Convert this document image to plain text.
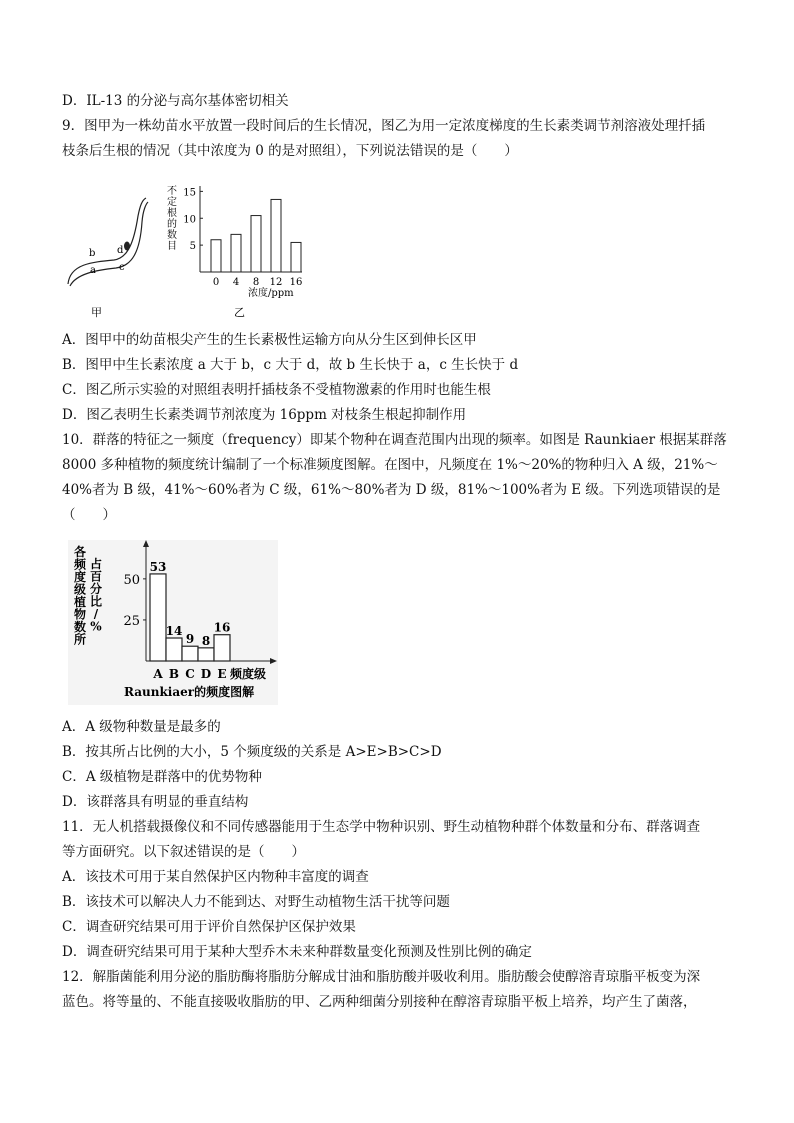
D．IL-13 的分泌与高尔基体密切相关
9．图甲为一株幼苗水平放置一段时间后的生长情况，图乙为用一定浓度梯度的生长素类调节剂溶液处理扦插
枝条后生根的情况（其中浓度为 0 的是对照组），下列说法错误的是（　　）
b d
a c
甲
不
定
根
的
数
目 5
10
15
0 4 8 12 16
浓度/ppm
乙
A．图甲中的幼苗根尖产生的生长素极性运输方向从分生区到伸长区甲
B．图甲中生长素浓度 a 大于 b，c 大于 d，故 b 生长快于 a，c 生长快于 d
C．图乙所示实验的对照组表明扦插枝条不受植物激素的作用时也能生根
D．图乙表明生长素类调节剂浓度为 16ppm 对枝条生根起抑制作用
10．群落的特征之一频度（frequency）即某个物种在调查范围内出现的频率。如图是 Raunkiaer 根据某群落
8000 多种植物的频度统计编制了一个标准频度图解。在图中，凡频度在 1%～20%的物种归入 A 级，21%～
40%者为 B 级，41%～60%者为 C 级，61%～80%者为 D 级，81%～100%者为 E 级。下列选项错误的是
（　　）
各
频
度
级
植
物
数
所
占
百
分
比
/
% 25
50
53
A
14
B
9
C
8
D
16
E 频度级
Raunkiaer的频度图解
A．A 级物种数量是最多的
B．按其所占比例的大小，5 个频度级的关系是 A>E>B>C>D
C．A 级植物是群落中的优势物种
D．该群落具有明显的垂直结构
11．无人机搭载摄像仪和不同传感器能用于生态学中物种识别、野生动植物种群个体数量和分布、群落调查
等方面研究。以下叙述错误的是（　　）
A．该技术可用于某自然保护区内物种丰富度的调查
B．该技术可以解决人力不能到达、对野生动植物生活干扰等问题
C．调查研究结果可用于评价自然保护区保护效果
D．调查研究结果可用于某种大型乔木未来种群数量变化预测及性别比例的确定
12．解脂菌能利用分泌的脂肪酶将脂肪分解成甘油和脂肪酸并吸收利用。脂肪酸会使醇溶青琼脂平板变为深
蓝色。将等量的、不能直接吸收脂肪的甲、乙两种细菌分别接种在醇溶青琼脂平板上培养，均产生了菌落，
